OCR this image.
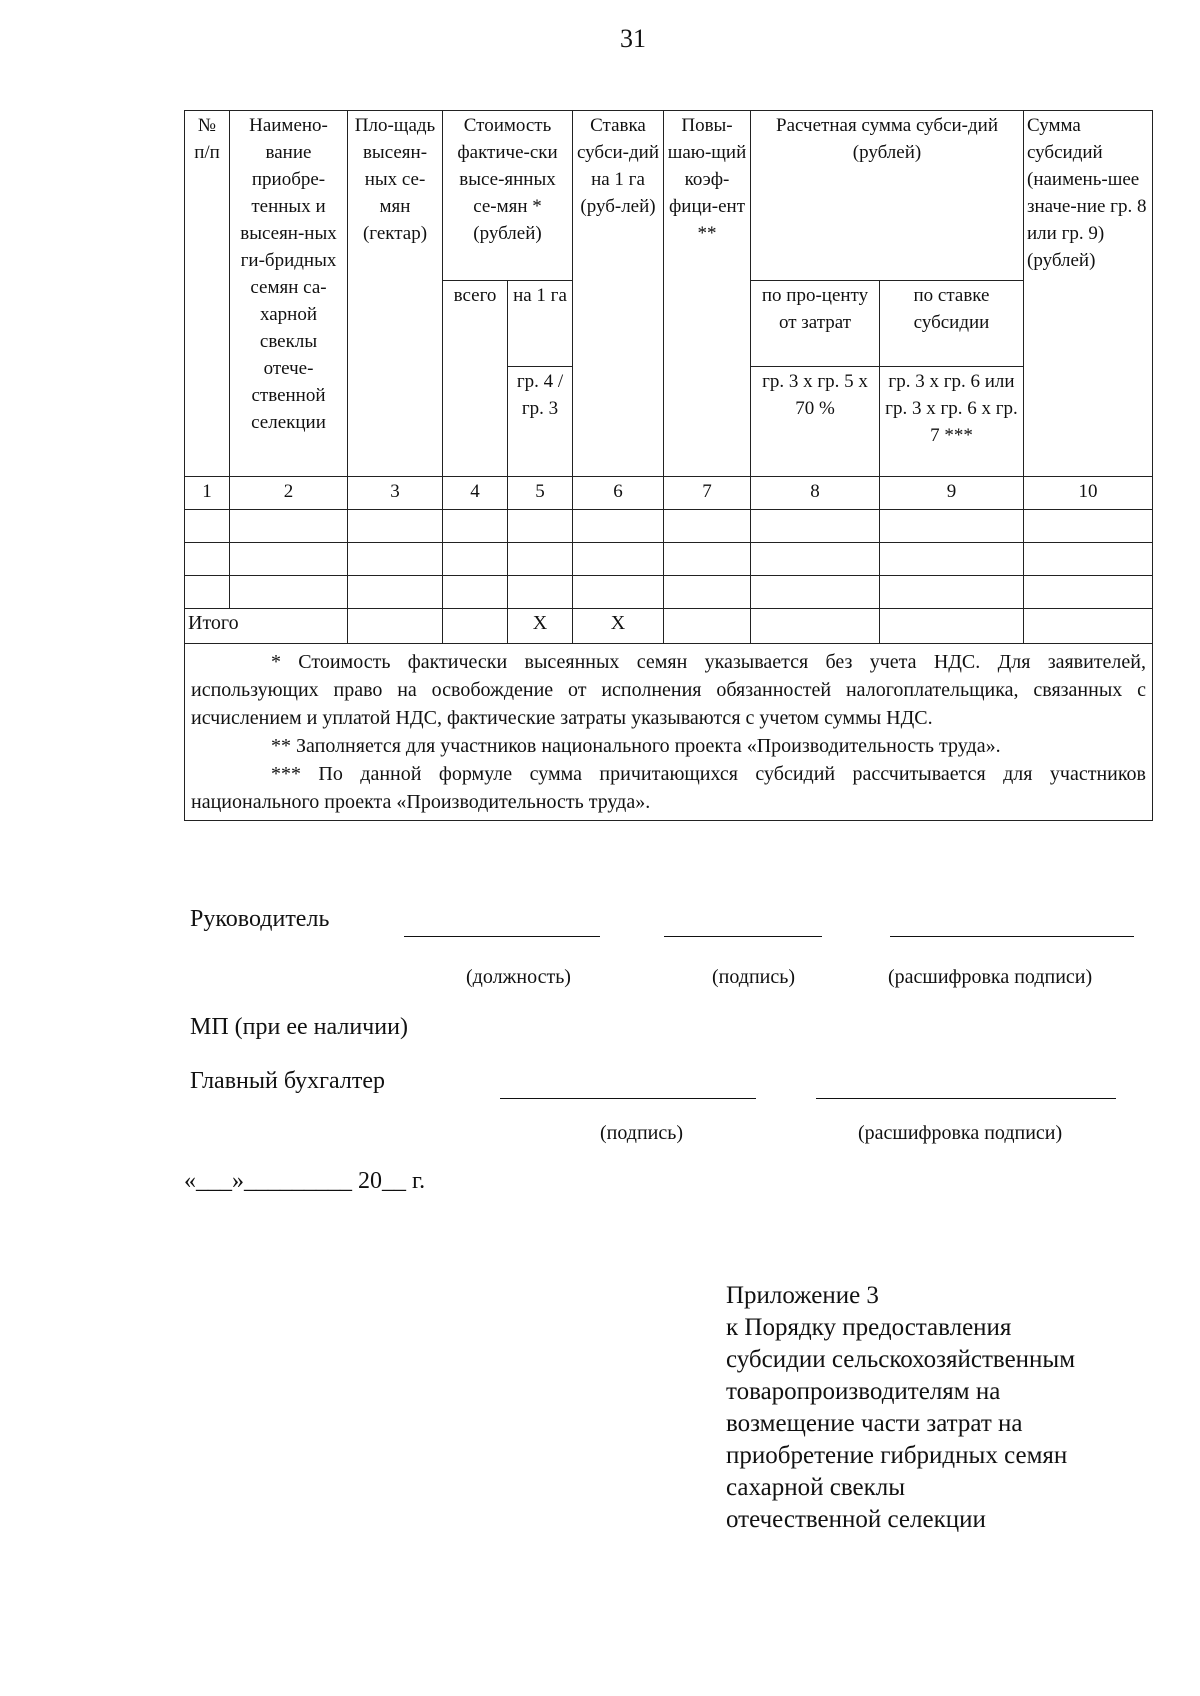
31
№ п/п	Наимено-вание приобре-тенных и высеян-ных ги-бридных семян са-харной свеклы отече-ственной селекции	Пло-щадь высеян-ных се-мян (гектар)	Стоимость фактиче-ски высе-янных се-мян * (рублей)		Ставка субси-дий на 1 га (руб-лей)	Повы-шаю-щий коэф-фици-ент **	Расчетная сумма субси-дий (рублей)		Сумма субсидий (наимень-шее значе-ние гр. 8 или гр. 9) (рублей)
			всего	на 1 га			по про-центу от затрат	по ставке субсидии	
				гр. 4 / гр. 3			гр. 3 х гр. 5 х 70 %	гр. 3 х гр. 6 или гр. 3 х гр. 6 х гр. 7 ***	
1	2	3	4	5	6	7	8	9	10

Итого				Х	Х				

* Стоимость фактически высеянных семян указывается без учета НДС. Для заявителей, использующих право на освобождение от исполнения обязанностей налогоплательщика, связанных с исчислением и уплатой НДС, фактические затраты указываются с учетом суммы НДС.

** Заполняется для участников национального проекта «Производительность труда».

*** По данной формуле сумма причитающихся субсидий рассчитывается для участников национального проекта «Производительность труда».									

Руководитель
(должность)	(подпись)	(расшифровка подписи)
МП (при ее наличии)
Главный бухгалтер
(подпись)	(расшифровка подписи)
«___»_________ 20__ г.
Приложение 3
к Порядку предоставления
субсидии сельскохозяйственным
товаропроизводителям на
возмещение части затрат на
приобретение гибридных семян
сахарной свеклы
отечественной селекции
